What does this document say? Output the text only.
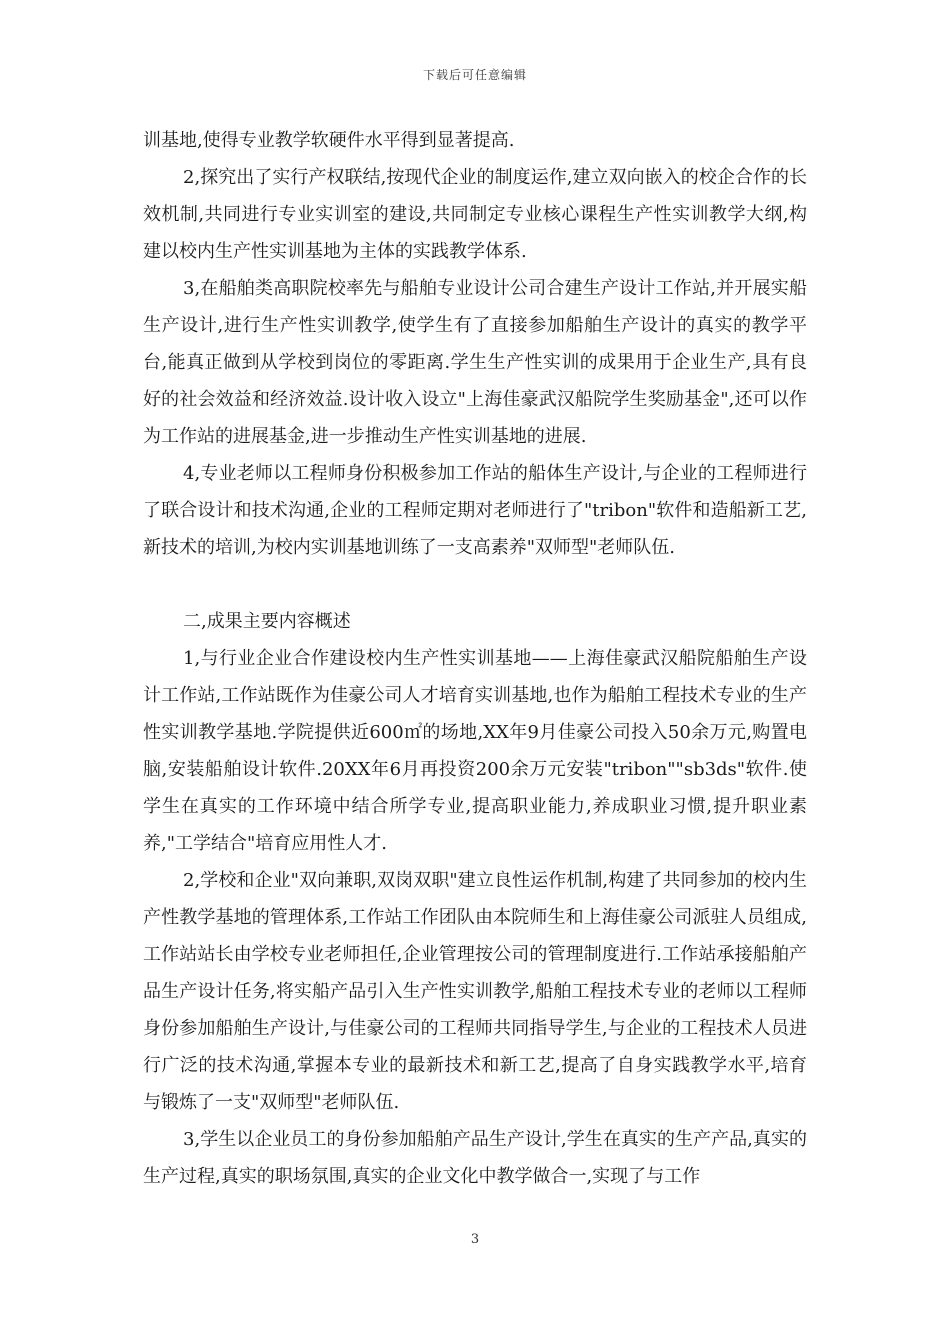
下载后可任意编辑

训基地,使得专业教学软硬件水平得到显著提高.

2,探究出了实行产权联结,按现代企业的制度运作,建立双向嵌入的校企合作的长效机制,共同进行专业实训室的建设,共同制定专业核心课程生产性实训教学大纲,构建以校内生产性实训基地为主体的实践教学体系.

3,在船舶类高职院校率先与船舶专业设计公司合建生产设计工作站,并开展实船生产设计,进行生产性实训教学,使学生有了直接参加船舶生产设计的真实的教学平台,能真正做到从学校到岗位的零距离.学生生产性实训的成果用于企业生产,具有良好的社会效益和经济效益.设计收入设立"上海佳豪武汉船院学生奖励基金",还可以作为工作站的进展基金,进一步推动生产性实训基地的进展.

4,专业老师以工程师身份积极参加工作站的船体生产设计,与企业的工程师进行了联合设计和技术沟通,企业的工程师定期对老师进行了"tribon"软件和造船新工艺,新技术的培训,为校内实训基地训练了一支高素养"双师型"老师队伍.

二,成果主要内容概述

1,与行业企业合作建设校内生产性实训基地——上海佳豪武汉船院船舶生产设计工作站,工作站既作为佳豪公司人才培育实训基地,也作为船舶工程技术专业的生产性实训教学基地.学院提供近600㎡的场地,XX年9月佳豪公司投入50余万元,购置电脑,安装船舶设计软件.20XX年6月再投资200余万元安装"tribon""sb3ds"软件.使学生在真实的工作环境中结合所学专业,提高职业能力,养成职业习惯,提升职业素养,"工学结合"培育应用性人才.

2,学校和企业"双向兼职,双岗双职"建立良性运作机制,构建了共同参加的校内生产性教学基地的管理体系,工作站工作团队由本院师生和上海佳豪公司派驻人员组成,工作站站长由学校专业老师担任,企业管理按公司的管理制度进行.工作站承接船舶产品生产设计任务,将实船产品引入生产性实训教学,船舶工程技术专业的老师以工程师身份参加船舶生产设计,与佳豪公司的工程师共同指导学生,与企业的工程技术人员进行广泛的技术沟通,掌握本专业的最新技术和新工艺,提高了自身实践教学水平,培育与锻炼了一支"双师型"老师队伍.

3,学生以企业员工的身份参加船舶产品生产设计,学生在真实的生产产品,真实的生产过程,真实的职场氛围,真实的企业文化中教学做合一,实现了与工作

3
